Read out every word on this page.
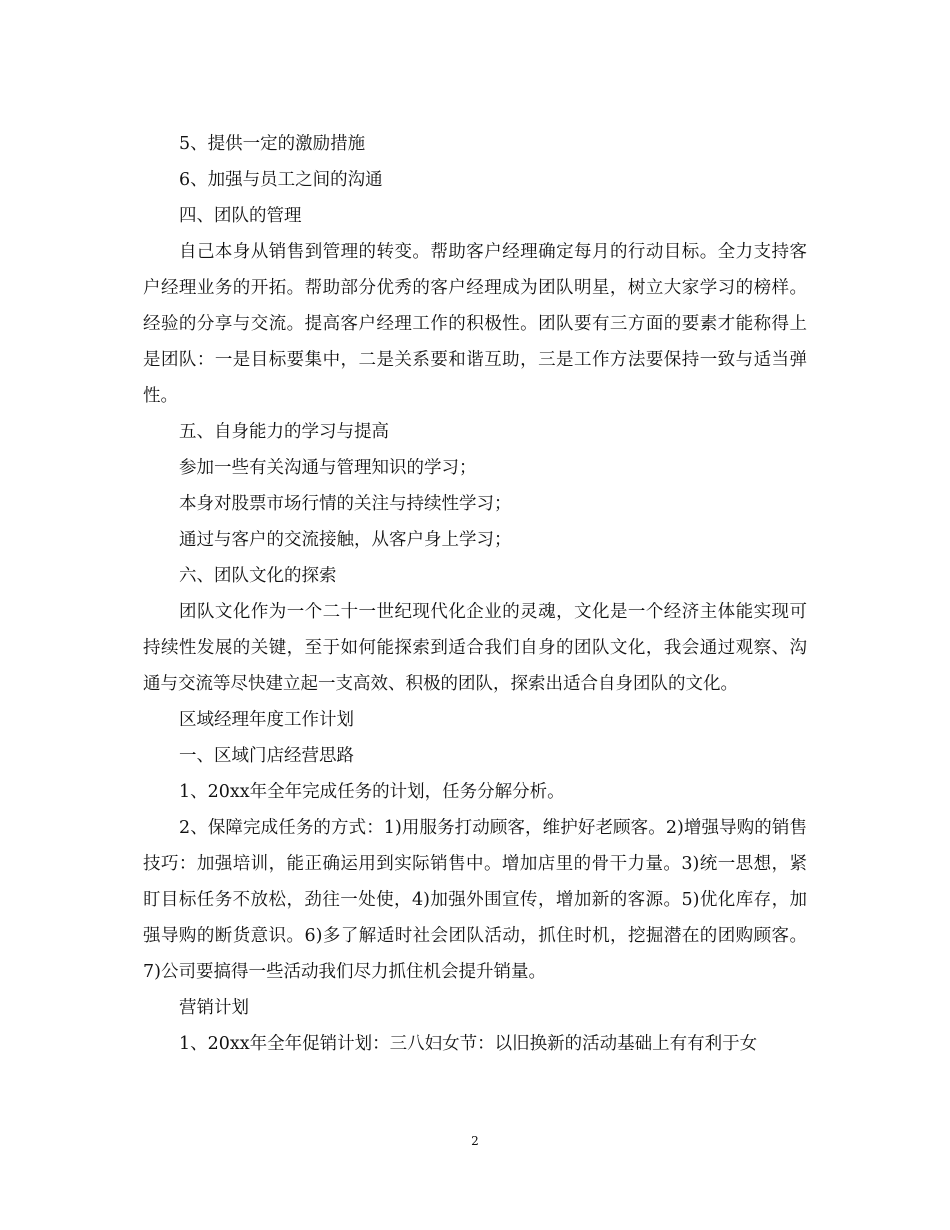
5、提供一定的激励措施

6、加强与员工之间的沟通

四、团队的管理

自己本身从销售到管理的转变。帮助客户经理确定每月的行动目标。全力支持客户经理业务的开拓。帮助部分优秀的客户经理成为团队明星，树立大家学习的榜样。经验的分享与交流。提高客户经理工作的积极性。团队要有三方面的要素才能称得上是团队：一是目标要集中，二是关系要和谐互助，三是工作方法要保持一致与适当弹性。

五、自身能力的学习与提高

参加一些有关沟通与管理知识的学习；

本身对股票市场行情的关注与持续性学习；

通过与客户的交流接触，从客户身上学习；

六、团队文化的探索

团队文化作为一个二十一世纪现代化企业的灵魂，文化是一个经济主体能实现可持续性发展的关键，至于如何能探索到适合我们自身的团队文化，我会通过观察、沟通与交流等尽快建立起一支高效、积极的团队，探索出适合自身团队的文化。

区域经理年度工作计划

一、区域门店经营思路

1、20xx年全年完成任务的计划，任务分解分析。

2、保障完成任务的方式：1)用服务打动顾客，维护好老顾客。2)增强导购的销售技巧：加强培训，能正确运用到实际销售中。增加店里的骨干力量。3)统一思想，紧盯目标任务不放松，劲往一处使，4)加强外围宣传，增加新的客源。5)优化库存，加强导购的断货意识。6)多了解适时社会团队活动，抓住时机，挖掘潜在的团购顾客。7)公司要搞得一些活动我们尽力抓住机会提升销量。

营销计划

1、20xx年全年促销计划：三八妇女节：以旧换新的活动基础上有有利于女

2
